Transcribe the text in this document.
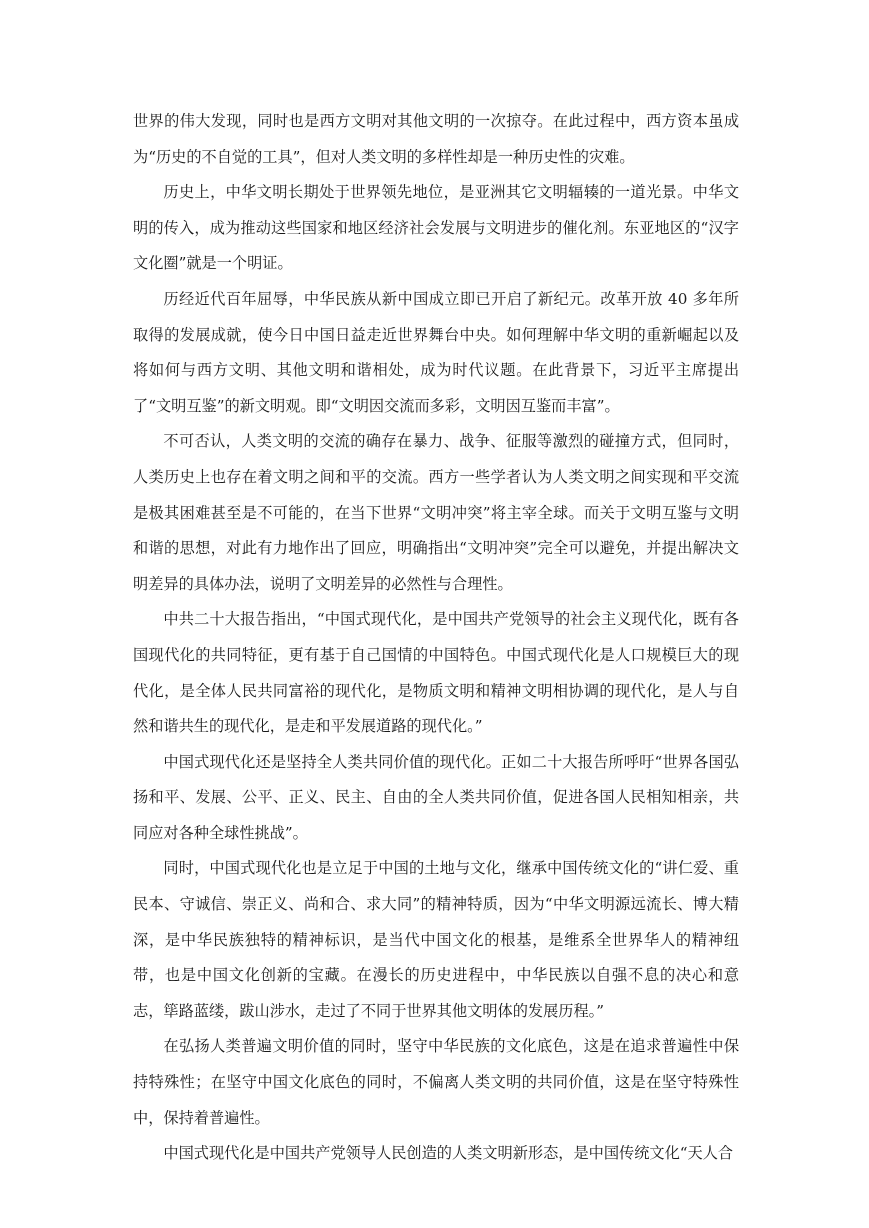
世界的伟大发现，同时也是西方文明对其他文明的一次掠夺。在此过程中，西方资本虽成为“历史的不自觉的工具”，但对人类文明的多样性却是一种历史性的灾难。

历史上，中华文明长期处于世界领先地位，是亚洲其它文明辐辏的一道光景。中华文明的传入，成为推动这些国家和地区经济社会发展与文明进步的催化剂。东亚地区的“汉字文化圈”就是一个明证。

历经近代百年屈辱，中华民族从新中国成立即已开启了新纪元。改革开放 40 多年所取得的发展成就，使今日中国日益走近世界舞台中央。如何理解中华文明的重新崛起以及将如何与西方文明、其他文明和谐相处，成为时代议题。在此背景下，习近平主席提出了“文明互鉴”的新文明观。即“文明因交流而多彩，文明因互鉴而丰富”。

不可否认，人类文明的交流的确存在暴力、战争、征服等激烈的碰撞方式，但同时，人类历史上也存在着文明之间和平的交流。西方一些学者认为人类文明之间实现和平交流是极其困难甚至是不可能的，在当下世界“文明冲突”将主宰全球。而关于文明互鉴与文明和谐的思想，对此有力地作出了回应，明确指出“文明冲突”完全可以避免，并提出解决文明差异的具体办法，说明了文明差异的必然性与合理性。

中共二十大报告指出，“中国式现代化，是中国共产党领导的社会主义现代化，既有各国现代化的共同特征，更有基于自己国情的中国特色。中国式现代化是人口规模巨大的现代化，是全体人民共同富裕的现代化，是物质文明和精神文明相协调的现代化，是人与自然和谐共生的现代化，是走和平发展道路的现代化。”

中国式现代化还是坚持全人类共同价值的现代化。正如二十大报告所呼吁“世界各国弘扬和平、发展、公平、正义、民主、自由的全人类共同价值，促进各国人民相知相亲，共同应对各种全球性挑战”。

同时，中国式现代化也是立足于中国的土地与文化，继承中国传统文化的“讲仁爱、重民本、守诚信、崇正义、尚和合、求大同”的精神特质，因为“中华文明源远流长、博大精深，是中华民族独特的精神标识，是当代中国文化的根基，是维系全世界华人的精神纽带，也是中国文化创新的宝藏。在漫长的历史进程中，中华民族以自强不息的决心和意志，筚路蓝缕，跋山涉水，走过了不同于世界其他文明体的发展历程。”

在弘扬人类普遍文明价值的同时，坚守中华民族的文化底色，这是在追求普遍性中保持特殊性；在坚守中国文化底色的同时，不偏离人类文明的共同价值，这是在坚守特殊性中，保持着普遍性。

中国式现代化是中国共产党领导人民创造的人类文明新形态，是中国传统文化“天人合
